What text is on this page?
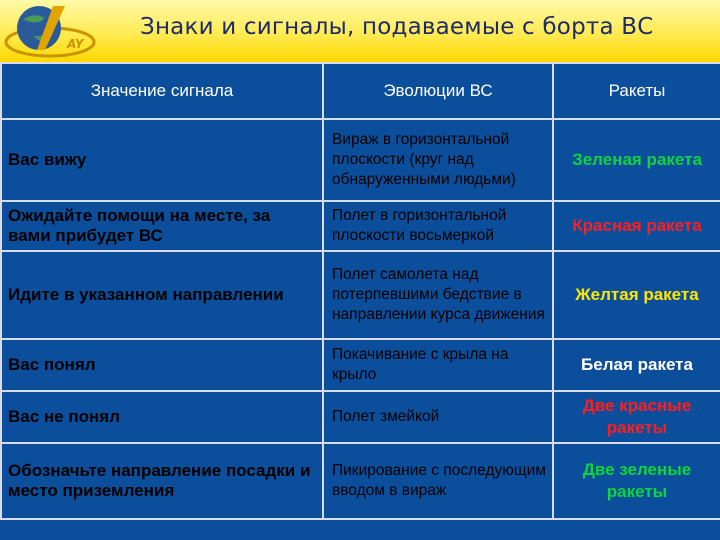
AY
Знаки и сигналы, подаваемые с борта ВС
Значение сигнала	Эволюции ВС	Ракеты
Вас вижу	Вираж в горизонтальной плоскости (круг над обнаруженными людьми)	Зеленая ракета
Ожидайте помощи на месте, за вами прибудет ВС	Полет в горизонтальной плоскости восьмеркой	Красная ракета
Идите в указанном направлении	Полет самолета над потерпевшими бедствие в направлении курса движения	Желтая ракета
Вас понял	Покачивание с крыла на крыло	Белая ракета
Вас не понял	Полет змейкой	Две красные ракеты
Обозначьте направление посадки и место приземления	Пикирование с последующим вводом в вираж	Две зеленые ракеты
